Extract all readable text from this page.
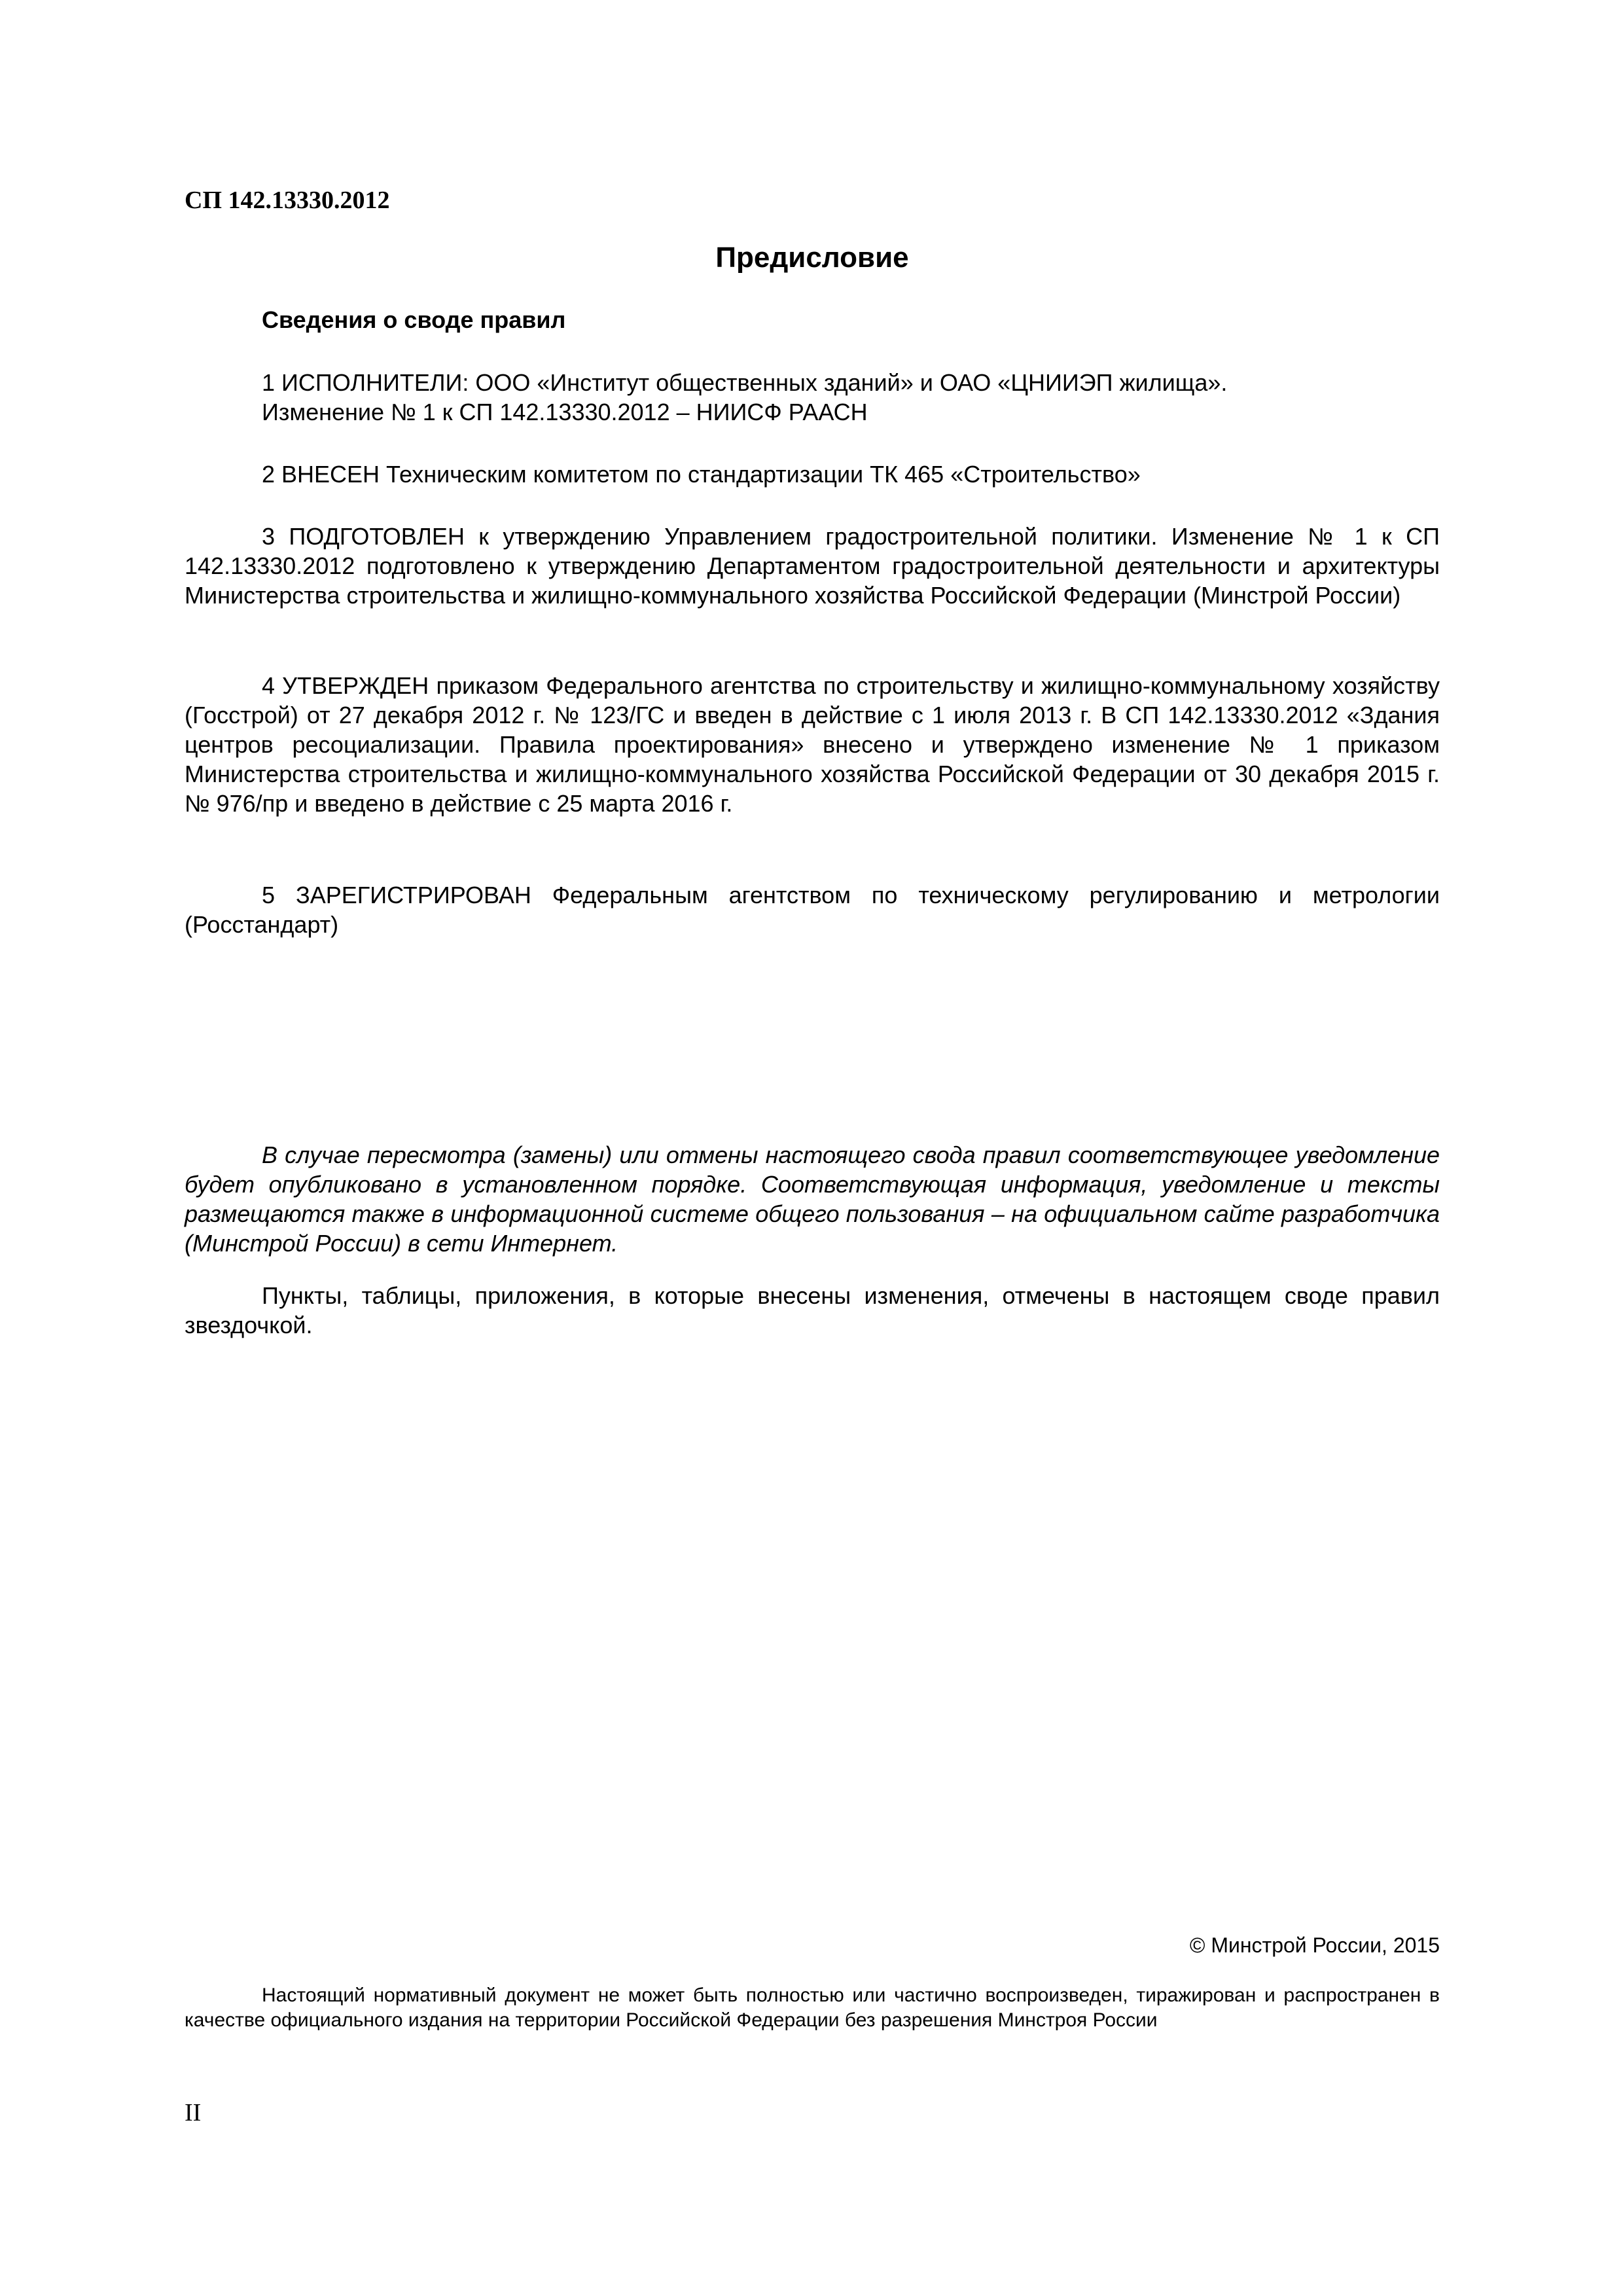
СП 142.13330.2012
Предисловие
Сведения о своде правил
1 ИСПОЛНИТЕЛИ: ООО «Институт общественных зданий» и ОАО «ЦНИИЭП жилища».
Изменение № 1 к СП 142.13330.2012 – НИИСФ РААСН
2 ВНЕСЕН Техническим комитетом по стандартизации ТК 465 «Строительство»
3 ПОДГОТОВЛЕН к утверждению Управлением градостроительной политики. Изменение № 1 к СП 142.13330.2012 подготовлено к утверждению Департаментом градостроительной деятельности и архитектуры Министерства строительства и жилищно-коммунального хозяйства Российской Федерации (Минстрой России)
4 УТВЕРЖДЕН приказом Федерального агентства по строительству и жилищно-коммунальному хозяйству (Госстрой) от 27 декабря 2012 г. № 123/ГС и введен в действие с 1 июля 2013 г. В СП 142.13330.2012 «Здания центров ресоциализации. Правила проектирования» внесено и утверждено изменение № 1 приказом Министерства строительства и жилищно-коммунального хозяйства Российской Федерации от 30 декабря 2015 г. № 976/пр и введено в действие с 25 марта 2016 г.
5 ЗАРЕГИСТРИРОВАН Федеральным агентством по техническому регулированию и метрологии (Росстандарт)
В случае пересмотра (замены) или отмены настоящего свода правил соответствующее уведомление будет опубликовано в установленном порядке. Соответствующая информация, уведомление и тексты размещаются также в информационной системе общего пользования – на официальном сайте разработчика (Минстрой России) в сети Интернет.
Пункты, таблицы, приложения, в которые внесены изменения, отмечены в настоящем своде правил звездочкой.
© Минстрой России, 2015
Настоящий нормативный документ не может быть полностью или частично воспроизведен, тиражирован и распространен в качестве официального издания на территории Российской Федерации без разрешения Минстроя России
II
